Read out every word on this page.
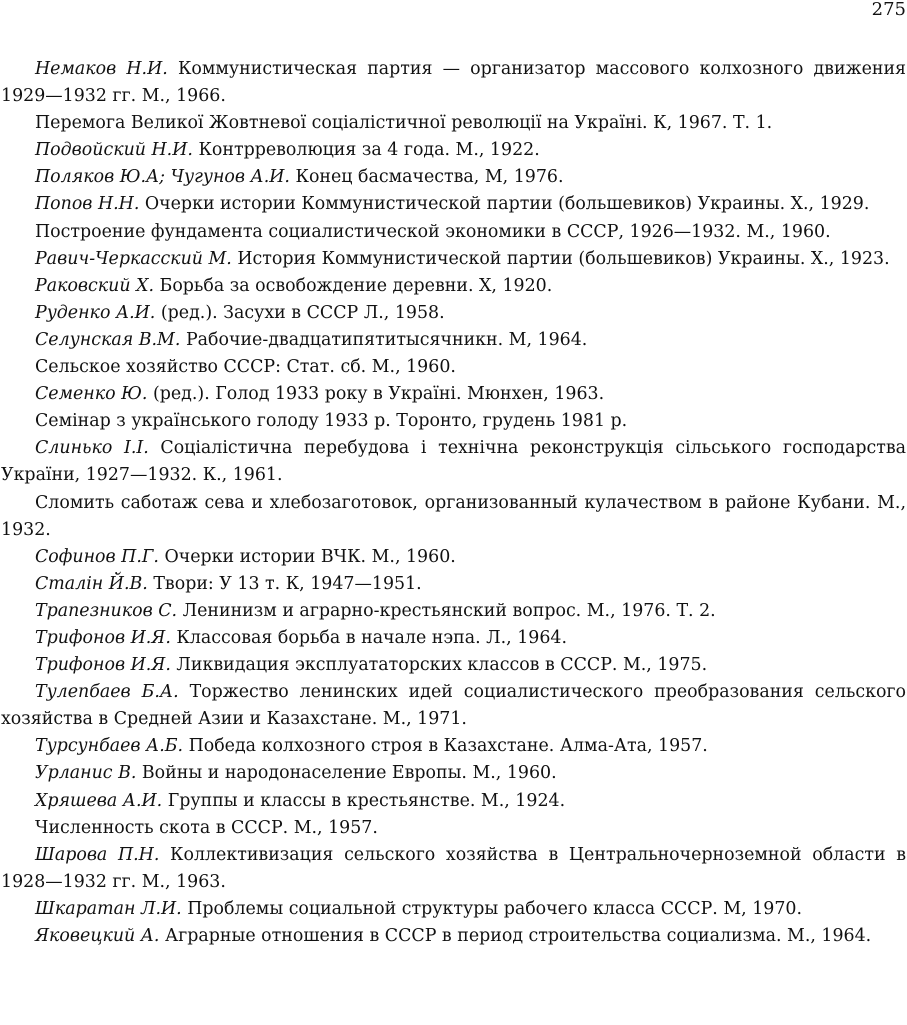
275
Немаков Н.И. Коммунистическая партия — организатор массового колхозного движения 1929—1932 гг. М., 1966.
Перемога Великої Жовтневої соціалістичної революції на Україні. К, 1967. Т. 1.
Подвойский Н.И. Контрреволюция за 4 года. М., 1922.
Поляков Ю.А; Чугунов А.И. Конец басмачества, М, 1976.
Попов Н.Н. Очерки истории Коммунистической партии (большевиков) Украины. Х., 1929.
Построение фундамента социалистической экономики в СССР, 1926—1932. М., 1960.
Равич-Черкасский М. История Коммунистической партии (большевиков) Украины. Х., 1923.
Раковский X. Борьба за освобождение деревни. X, 1920.
Руденко А.И. (ред.). Засухи в СССР Л., 1958.
Селунская В.М. Рабочие-двадцатипятитысячникн. М, 1964.
Сельское хозяйство СССР: Стат. сб. М., 1960.
Семенко Ю. (ред.). Голод 1933 року в Україні. Мюнхен, 1963.
Семінар з українського голоду 1933 р. Торонто, грудень 1981 р.
Слинько I.I. Соціалістична перебудова і технічна реконструкція сільського господарства України, 1927—1932. К., 1961.
Сломить саботаж сева и хлебозаготовок, организованный кулачеством в районе Кубани. М., 1932.
Софинов П.Г. Очерки истории ВЧК. М., 1960.
Сталін Й.В. Твори: У 13 т. К, 1947—1951.
Трапезников С. Ленинизм и аграрно-крестьянский вопрос. М., 1976. Т. 2.
Трифонов И.Я. Классовая борьба в начале нэпа. Л., 1964.
Трифонов И.Я. Ликвидация эксплуататорских классов в СССР. М., 1975.
Тулепбаев Б.А. Торжество ленинских идей социалистического преобразования сельского хозяйства в Средней Азии и Казахстане. М., 1971.
Турсунбаев А.Б. Победа колхозного строя в Казахстане. Алма-Ата, 1957.
Урланис В. Войны и народонаселение Европы. М., 1960.
Хряшева А.И. Группы и классы в крестьянстве. М., 1924.
Численность скота в СССР. М., 1957.
Шарова П.Н. Коллективизация сельского хозяйства в Центральночерноземной области в 1928—1932 гг. М., 1963.
Шкаратан Л.И. Проблемы социальной структуры рабочего класса СССР. М, 1970.
Яковецкий А. Аграрные отношения в СССР в период строительства социализма. М., 1964.
